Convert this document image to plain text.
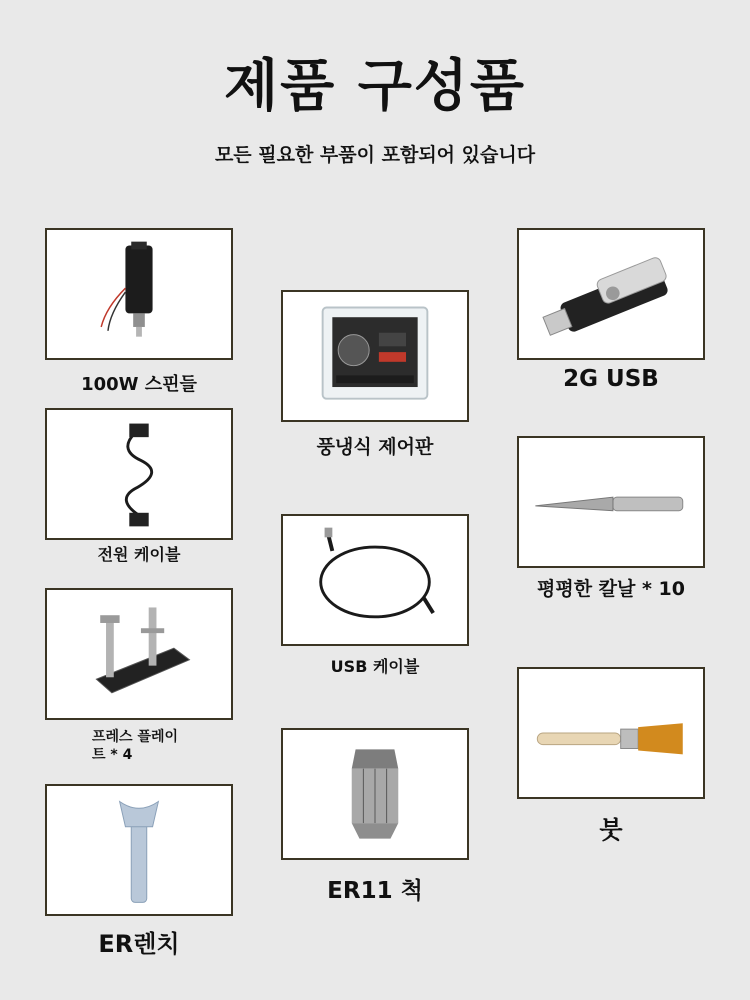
제품 구성품
모든 필요한 부품이 포함되어 있습니다
100W 스핀들	2G USB
풍냉식 제어판
전원 케이블
평평한 칼날 * 10
USB 케이블
프레스 플레이
트 * 4
붓
ER11 척
ER렌치
